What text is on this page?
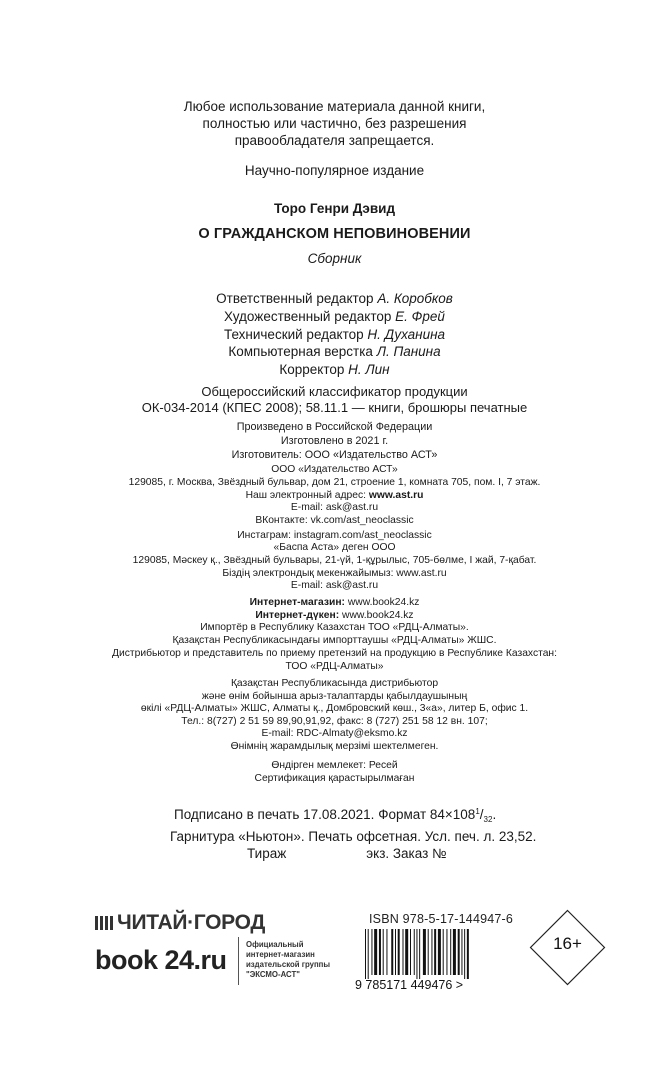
Любое использование материала данной книги,
полностью или частично, без разрешения
правообладателя запрещается.
Научно-популярное издание
Торо Генри Дэвид
О ГРАЖДАНСКОМ НЕПОВИНОВЕНИИ
Сборник
Ответственный редактор А. Коробков
Художественный редактор Е. Фрей
Технический редактор Н. Духанина
Компьютерная верстка Л. Панина
Корректор Н. Лин
Общероссийский классификатор продукции
ОК-034-2014 (КПЕС 2008); 58.11.1 — книги, брошюры печатные
Произведено в Российской Федерации
Изготовлено в 2021 г.
Изготовитель: ООО «Издательство АСТ»
ООО «Издательство АСТ»
129085, г. Москва, Звёздный бульвар, дом 21, строение 1, комната 705, пом. I, 7 этаж.
Наш электронный адрес: www.ast.ru
E-mail: ask@ast.ru
ВКонтакте: vk.com/ast_neoclassic
Инстаграм: instagram.com/ast_neoclassic
«Баспа Аста» деген ООО
129085, Мәскеу қ., Звёздный бульвары, 21-үй, 1-құрылыс, 705-бөлме, I жай, 7-қабат.
Біздің электрондық мекенжайымыз: www.ast.ru
E-mail: ask@ast.ru
Интернет-магазин: www.book24.kz
Интернет-дүкен: www.book24.kz
Импортёр в Республику Казахстан ТОО «РДЦ-Алматы».
Қазақстан Республикасындағы импорттаушы «РДЦ-Алматы» ЖШС.
Дистрибьютор и представитель по приему претензий на продукцию в Республике Казахстан:
ТОО «РДЦ-Алматы»
Қазақстан Республикасында дистрибьютор
және өнім бойынша арыз-талаптарды қабылдаушының
өкілі «РДЦ-Алматы» ЖШС, Алматы қ., Домбровский көш., 3«а», литер Б, офис 1.
Тел.: 8(727) 2 51 59 89,90,91,92, факс: 8 (727) 251 58 12 вн. 107;
E-mail: RDC-Almaty@eksmo.kz
Өнімнің жарамдылық мерзімі шектелмеген.
Өндірген мемлекет: Ресей
Сертификация қарастырылмаған
Подписано в печать 17.08.2021. Формат $84\times 108^1/_{32}$.
Гарнитура «Ньютон». Печать офсетная. Усл. печ. л. 23,52.
Тираж	экз. Заказ №
ЧИТАЙ·ГОРОД
book 24.ru
Официальный
интернет-магазин
издательской группы
"ЭКСМО-АСТ"
ISBN 978-5-17-144947-6
9 785171 449476 >
16+
